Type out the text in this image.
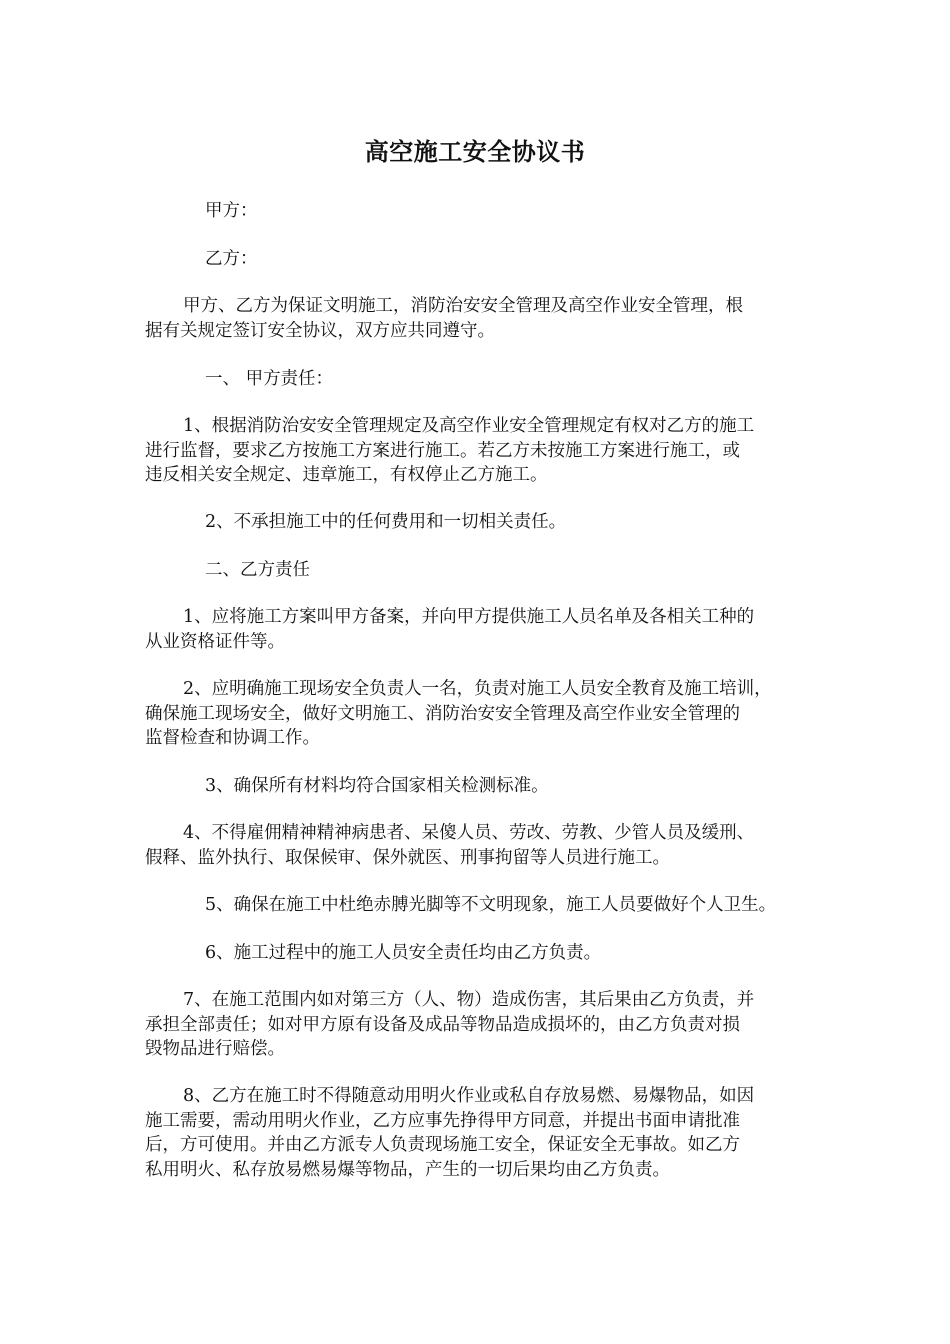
高空施工安全协议书
甲方：
乙方：
甲方、乙方为保证文明施工，消防治安安全管理及高空作业安全管理，根
据有关规定签订安全协议，双方应共同遵守。
一、 甲方责任：
1、根据消防治安安全管理规定及高空作业安全管理规定有权对乙方的施工
进行监督，要求乙方按施工方案进行施工。若乙方未按施工方案进行施工，或
违反相关安全规定、违章施工，有权停止乙方施工。
2、不承担施工中的任何费用和一切相关责任。
二、乙方责任
1、应将施工方案叫甲方备案，并向甲方提供施工人员名单及各相关工种的
从业资格证件等。
2、应明确施工现场安全负责人一名，负责对施工人员安全教育及施工培训，
确保施工现场安全，做好文明施工、消防治安安全管理及高空作业安全管理的
监督检查和协调工作。
3、确保所有材料均符合国家相关检测标准。
4、不得雇佣精神精神病患者、呆傻人员、劳改、劳教、少管人员及缓刑、
假释、监外执行、取保候审、保外就医、刑事拘留等人员进行施工。
5、确保在施工中杜绝赤膊光脚等不文明现象，施工人员要做好个人卫生。
6、施工过程中的施工人员安全责任均由乙方负责。
7、在施工范围内如对第三方（人、物）造成伤害，其后果由乙方负责，并
承担全部责任；如对甲方原有设备及成品等物品造成损坏的，由乙方负责对损
毁物品进行赔偿。
8、乙方在施工时不得随意动用明火作业或私自存放易燃、易爆物品，如因
施工需要，需动用明火作业，乙方应事先挣得甲方同意，并提出书面申请批准
后，方可使用。并由乙方派专人负责现场施工安全，保证安全无事故。如乙方
私用明火、私存放易燃易爆等物品，产生的一切后果均由乙方负责。
